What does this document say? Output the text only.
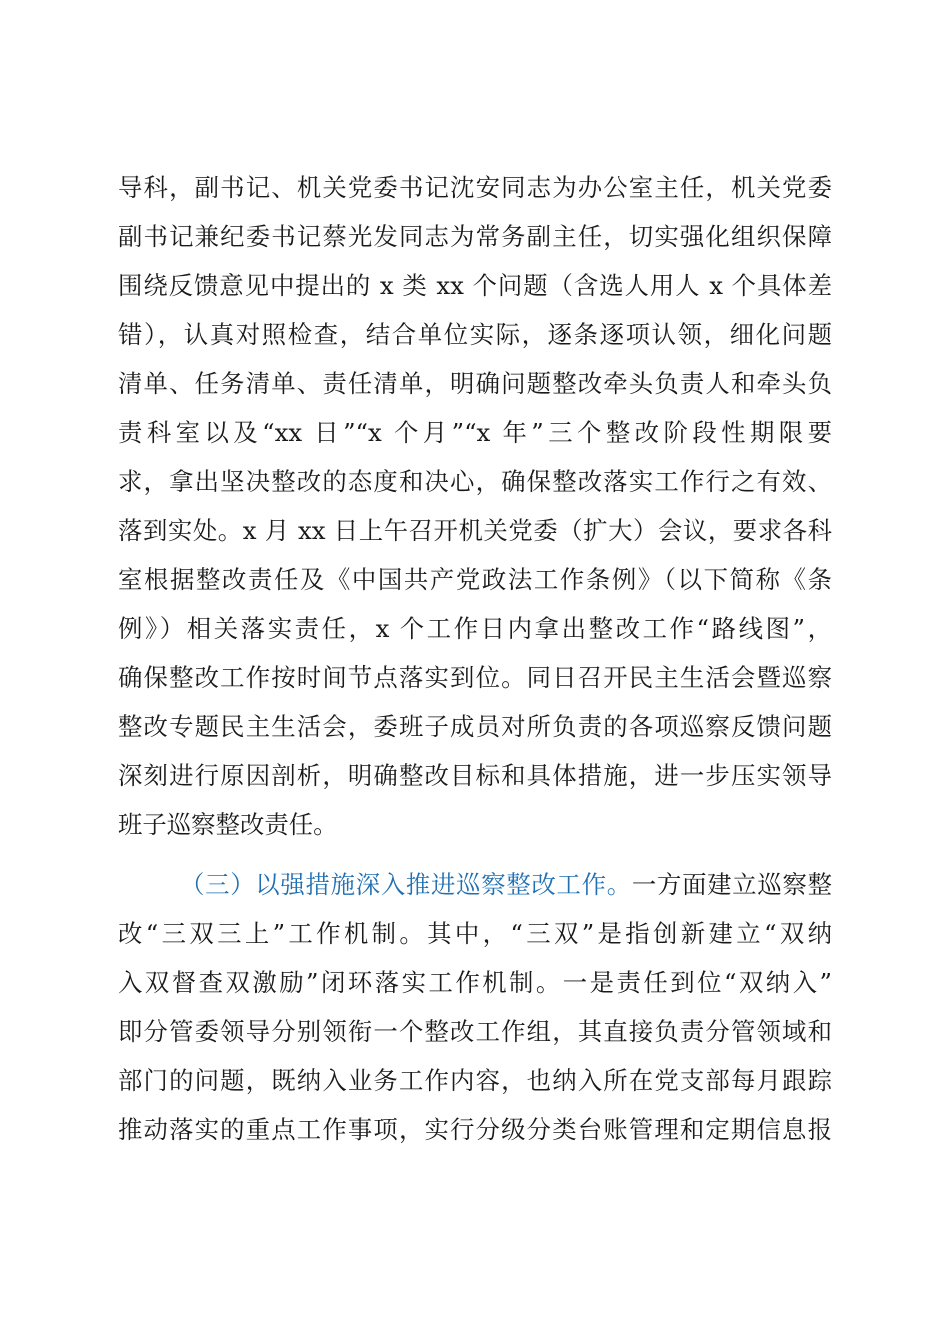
导科，副书记、机关党委书记沈安同志为办公室主任，机关党委
副书记兼纪委书记蔡光发同志为常务副主任，切实强化组织保障
围绕反馈意见中提出的 x 类 xx 个问题（含选人用人 x 个具体差
错），认真对照检查，结合单位实际，逐条逐项认领，细化问题
清单、任务清单、责任清单，明确问题整改牵头负责人和牵头负
责科室以及“xx 日”“x 个月”“x 年”三个整改阶段性期限要
求，拿出坚决整改的态度和决心，确保整改落实工作行之有效、
落到实处。x 月 xx 日上午召开机关党委（扩大）会议，要求各科
室根据整改责任及《中国共产党政法工作条例》（以下简称《条
例》）相关落实责任，x 个工作日内拿出整改工作“路线图”，
确保整改工作按时间节点落实到位。同日召开民主生活会暨巡察
整改专题民主生活会，委班子成员对所负责的各项巡察反馈问题
深刻进行原因剖析，明确整改目标和具体措施，进一步压实领导
班子巡察整改责任。
（三）以强措施深入推进巡察整改工作。一方面建立巡察整
改“三双三上”工作机制。其中，“三双”是指创新建立“双纳
入双督查双激励”闭环落实工作机制。一是责任到位“双纳入”
即分管委领导分别领衔一个整改工作组，其直接负责分管领域和
部门的问题，既纳入业务工作内容，也纳入所在党支部每月跟踪
推动落实的重点工作事项，实行分级分类台账管理和定期信息报
